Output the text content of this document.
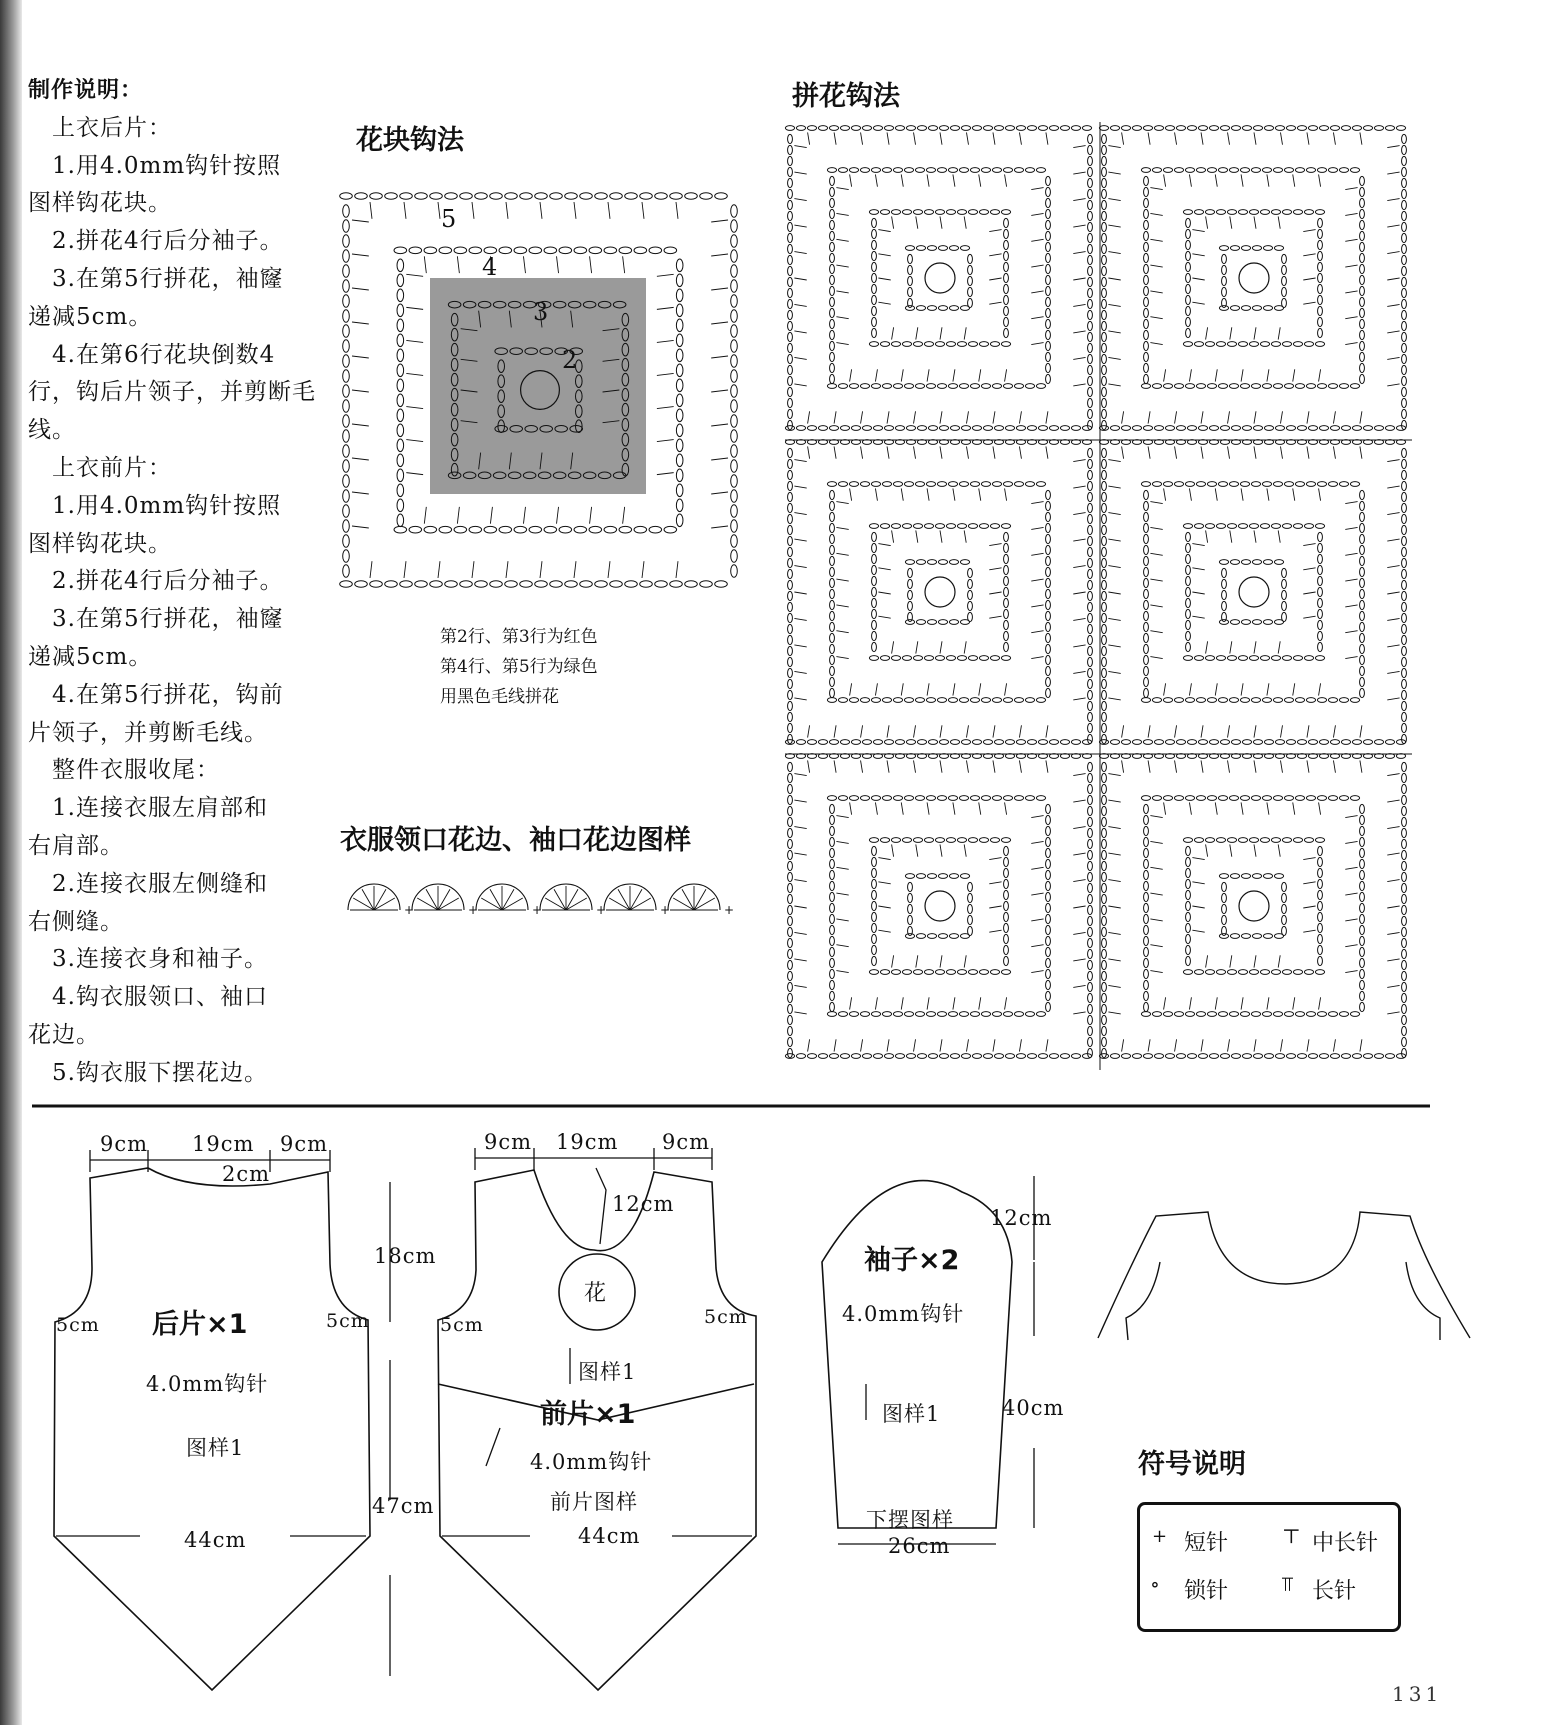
制作说明：
　上衣后片：
　1.用4.0mm钩针按照
图样钩花块。
　2.拼花4行后分袖子。
　3.在第5行拼花，袖窿
递减5cm。
　4.在第6行花块倒数4
行，钩后片领子，并剪断毛
线。
　上衣前片：
　1.用4.0mm钩针按照
图样钩花块。
　2.拼花4行后分袖子。
　3.在第5行拼花，袖窿
递减5cm。
　4.在第5行拼花，钩前
片领子，并剪断毛线。
　整件衣服收尾：
　1.连接衣服左肩部和
右肩部。
　2.连接衣服左侧缝和
右侧缝。
　3.连接衣身和袖子。
　4.钩衣服领口、袖口
花边。
　5.钩衣服下摆花边。
花块钩法
拼花钩法
衣服领口花边、袖口花边图样
第2行、第3行为红色
第4行、第5行为绿色
用黑色毛线拼花
+	+	+	+	+	+
5
4
3
2
9cm 19cm 9cm
2cm
18cm
5cm	5cm
后片×1
4.0mm钩针
图样1
44cm
47cm
9cm 19cm 9cm
12cm
花
5cm	5cm
图样1
前片×1
4.0mm钩针
前片图样
44cm
12cm
袖子×2
4.0mm钩针
图样1	40cm
下摆图样
26cm
符号说明
+ 短针	⊤ 中长针
∘ 锁针	⫪ 长针
131
